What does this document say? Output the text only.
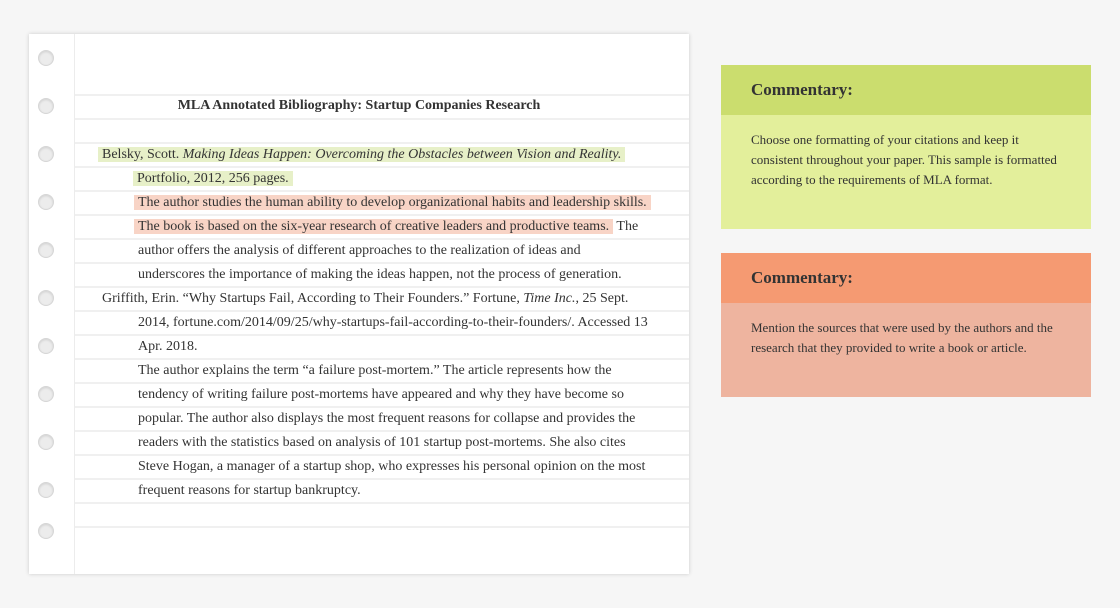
MLA Annotated Bibliography: Startup Companies Research
Belsky, Scott. Making Ideas Happen: Overcoming the Obstacles between Vision and Reality.
Portfolio, 2012, 256 pages.
The author studies the human ability to develop organizational habits and leadership skills.
The book is based on the six-year research of creative leaders and productive teams. The
author offers the analysis of different approaches to the realization of ideas and
underscores the importance of making the ideas happen, not the process of generation.
Griffith, Erin. “Why Startups Fail, According to Their Founders.” Fortune, Time Inc., 25 Sept.
2014, fortune.com/2014/09/25/why-startups-fail-according-to-their-founders/. Accessed 13
Apr. 2018.
The author explains the term “a failure post-mortem.” The article represents how the
tendency of writing failure post-mortems have appeared and why they have become so
popular. The author also displays the most frequent reasons for collapse and provides the
readers with the statistics based on analysis of 101 startup post-mortems. She also cites
Steve Hogan, a manager of a startup shop, who expresses his personal opinion on the most
frequent reasons for startup bankruptcy.
Commentary:
Choose one formatting of your citations and keep it consistent throughout your paper. This sample is formatted according to the requirements of MLA format.
Commentary:
Mention the sources that were used by the authors and the research that they provided to write a book or article.
